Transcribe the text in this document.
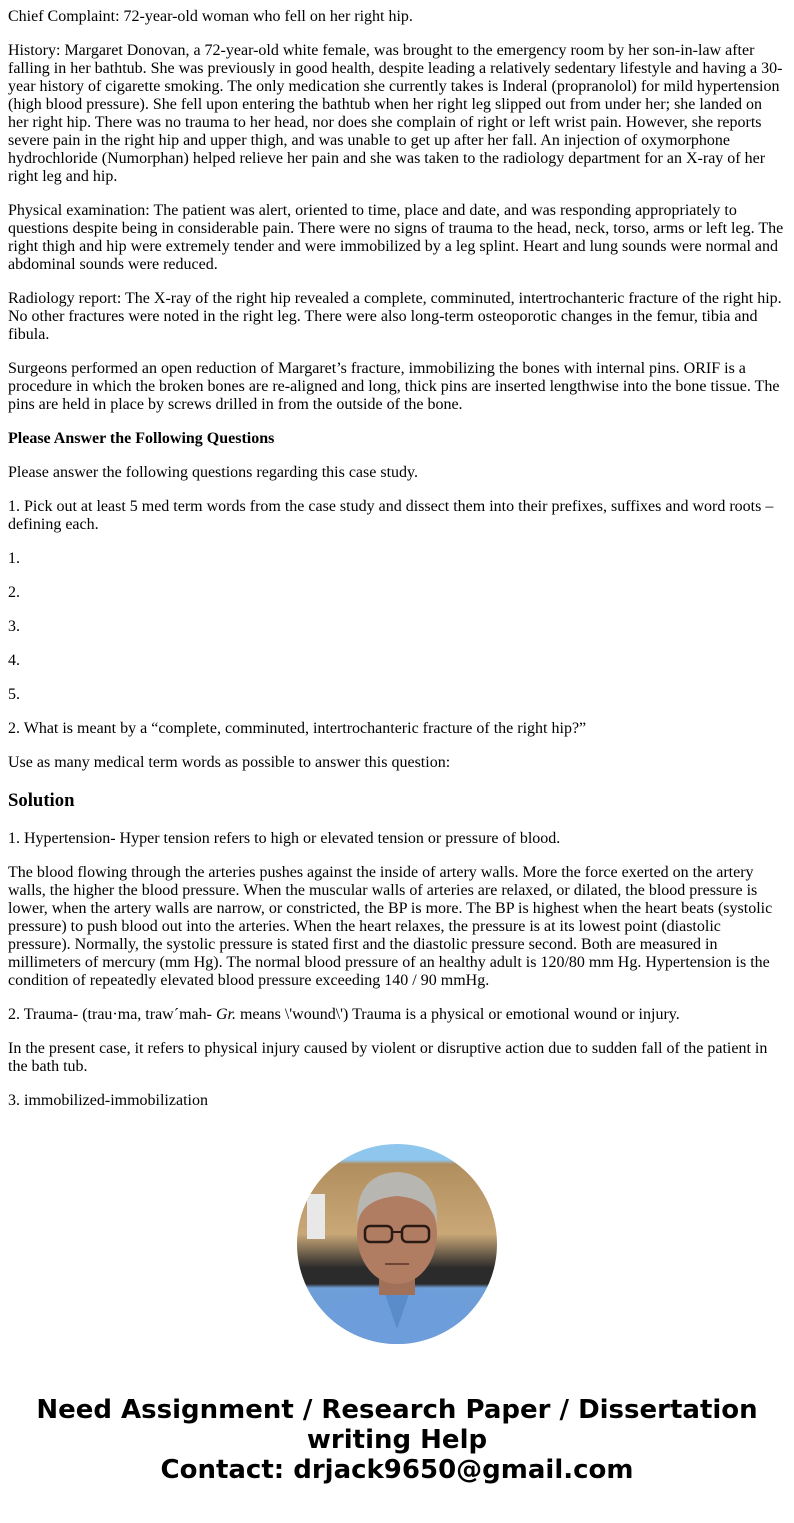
Chief Complaint: 72-year-old woman who fell on her right hip.

History: Margaret Donovan, a 72-year-old white female, was brought to the emergency room by her son-in-law after falling in her bathtub. She was previously in good health, despite leading a relatively sedentary lifestyle and having a 30-year history of cigarette smoking. The only medication she currently takes is Inderal (propranolol) for mild hypertension (high blood pressure). She fell upon entering the bathtub when her right leg slipped out from under her; she landed on her right hip. There was no trauma to her head, nor does she complain of right or left wrist pain. However, she reports severe pain in the right hip and upper thigh, and was unable to get up after her fall. An injection of oxymorphone hydrochloride (Numorphan) helped relieve her pain and she was taken to the radiology department for an X-ray of her right leg and hip.

Physical examination: The patient was alert, oriented to time, place and date, and was responding appropriately to questions despite being in considerable pain. There were no signs of trauma to the head, neck, torso, arms or left leg. The right thigh and hip were extremely tender and were immobilized by a leg splint. Heart and lung sounds were normal and abdominal sounds were reduced.

Radiology report: The X-ray of the right hip revealed a complete, comminuted, intertrochanteric fracture of the right hip. No other fractures were noted in the right leg. There were also long-term osteoporotic changes in the femur, tibia and fibula.

Surgeons performed an open reduction of Margaret’s fracture, immobilizing the bones with internal pins. ORIF is a procedure in which the broken bones are re-aligned and long, thick pins are inserted lengthwise into the bone tissue. The pins are held in place by screws drilled in from the outside of the bone.

Please Answer the Following Questions

Please answer the following questions regarding this case study.

1. Pick out at least 5 med term words from the case study and dissect them into their prefixes, suffixes and word roots – defining each.

1.

2.

3.

4.

5.

2. What is meant by a “complete, comminuted, intertrochanteric fracture of the right hip?”

Use as many medical term words as possible to answer this question:

Solution

1. Hypertension- Hyper tension refers to high or elevated tension or pressure of blood.

The blood flowing through the arteries pushes against the inside of artery walls. More the force exerted on the artery walls, the higher the blood pressure. When the muscular walls of arteries are relaxed, or dilated, the blood pressure is lower, when the artery walls are narrow, or constricted, the BP is more. The BP is highest when the heart beats (systolic pressure) to push blood out into the arteries. When the heart relaxes, the pressure is at its lowest point (diastolic pressure). Normally, the systolic pressure is stated first and the diastolic pressure second. Both are measured in millimeters of mercury (mm Hg). The normal blood pressure of an healthy adult is 120/80 mm Hg. Hypertension is the condition of repeatedly elevated blood pressure exceeding 140 / 90 mmHg.

2. Trauma- (trau·ma, traw´mah- Gr. means \'wound\') Trauma is a physical or emotional wound or injury.

In the present case, it refers to physical injury caused by violent or disruptive action due to sudden fall of the patient in the bath tub.

3. immobilized-immobilization

Need Assignment / Research Paper / Dissertation writing Help
Contact: drjack9650@gmail.com
